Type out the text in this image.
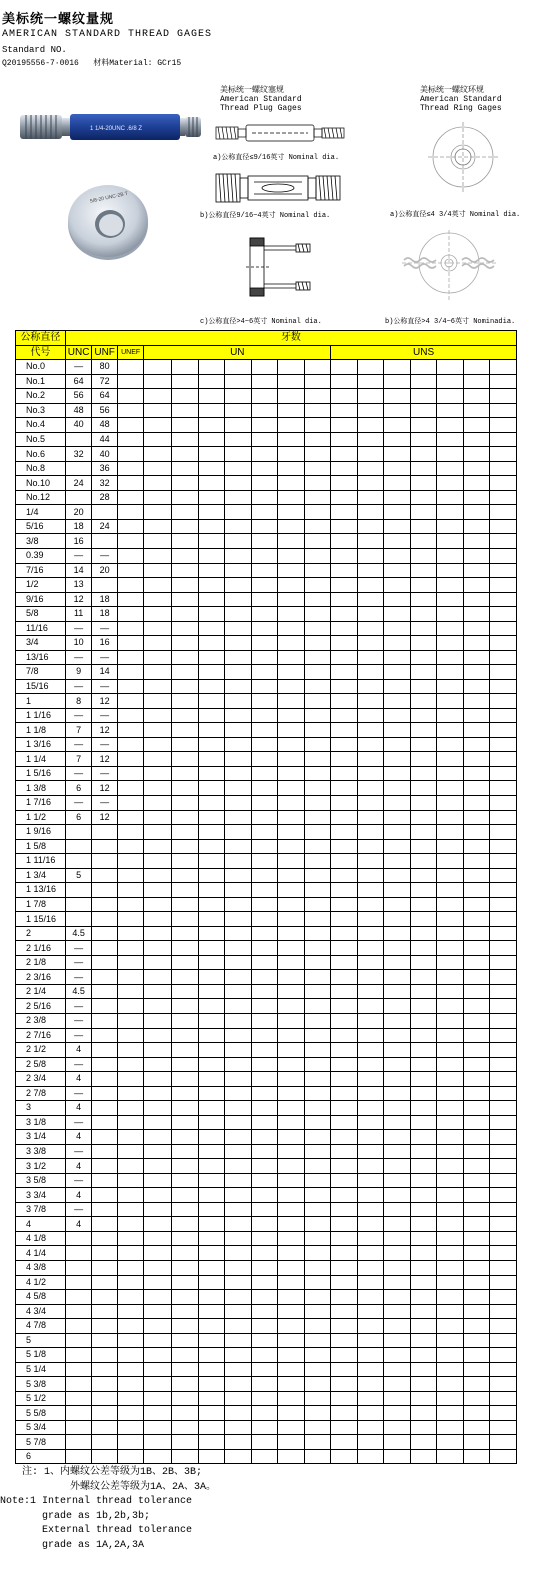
美标统一螺纹量规
AMERICAN STANDARD THREAD GAGES
Standard NO.
Q20195556-7·0016 材料Material: GCr15
1 1/4-20UNC .6/8 Z
5/8-20 UNC-2B T
美标统一螺纹塞规
American Standard
Thread Plug Gages
美标统一螺纹环规
American Standard
Thread Ring Gages
a)公称直径≤9/16英寸 Nominal dia.
b)公称直径9/16~4英寸 Nominal dia.
c)公称直径>4~6英寸 Nominal dia.
a)公称直径≤4 3/4英寸 Nominal dia.
b)公称直径>4 3/4~6英寸 Nominadia.
公称直径	牙数																
代号	UNC	UNF	UNEF	UN							UNS						
No.0	—	80															
No.1	64	72															
No.2	56	64															
No.3	48	56															
No.4	40	48															
No.5		44															
No.6	32	40															
No.8		36															
No.10	24	32															
No.12		28															
1/4	20																
5/16	18	24															
3/8	16																
0.39	—	—															
7/16	14	20															
1/2	13																
9/16	12	18															
5/8	11	18															
11/16	—	—															
3/4	10	16															
13/16	—	—															
7/8	9	14															
15/16	—	—															
1	8	12															
1 1/16	—	—															
1 1/8	7	12															
1 3/16	—	—															
1 1/4	7	12															
1 5/16	—	—															
1 3/8	6	12															
1 7/16	—	—															
1 1/2	6	12															
1 9/16																	
1 5/8																	
1 11/16																	
1 3/4	5																
1 13/16																	
1 7/8																	
1 15/16																	
2	4.5																
2 1/16	—																
2 1/8	—																
2 3/16	—																
2 1/4	4.5																
2 5/16	—																
2 3/8	—																
2 7/16	—																
2 1/2	4																
2 5/8	—																
2 3/4	4																
2 7/8	—																
3	4																
3 1/8	—																
3 1/4	4																
3 3/8	—																
3 1/2	4																
3 5/8	—																
3 3/4	4																
3 7/8	—																
4	4																
4 1/8																	
4 1/4																	
4 3/8																	
4 1/2																	
4 5/8																	
4 3/4																	
4 7/8																	
5																	
5 1/8																	
5 1/4																	
5 3/8																	
5 1/2																	
5 5/8																	
5 3/4																	
5 7/8																	
6																	
注: 1、内螺纹公差等级为1B、2B、3B;
外螺纹公差等级为1A、2A、3A。
Note:1 Internal thread tolerance
grade as 1b,2b,3b;
External thread tolerance
grade as 1A,2A,3A
